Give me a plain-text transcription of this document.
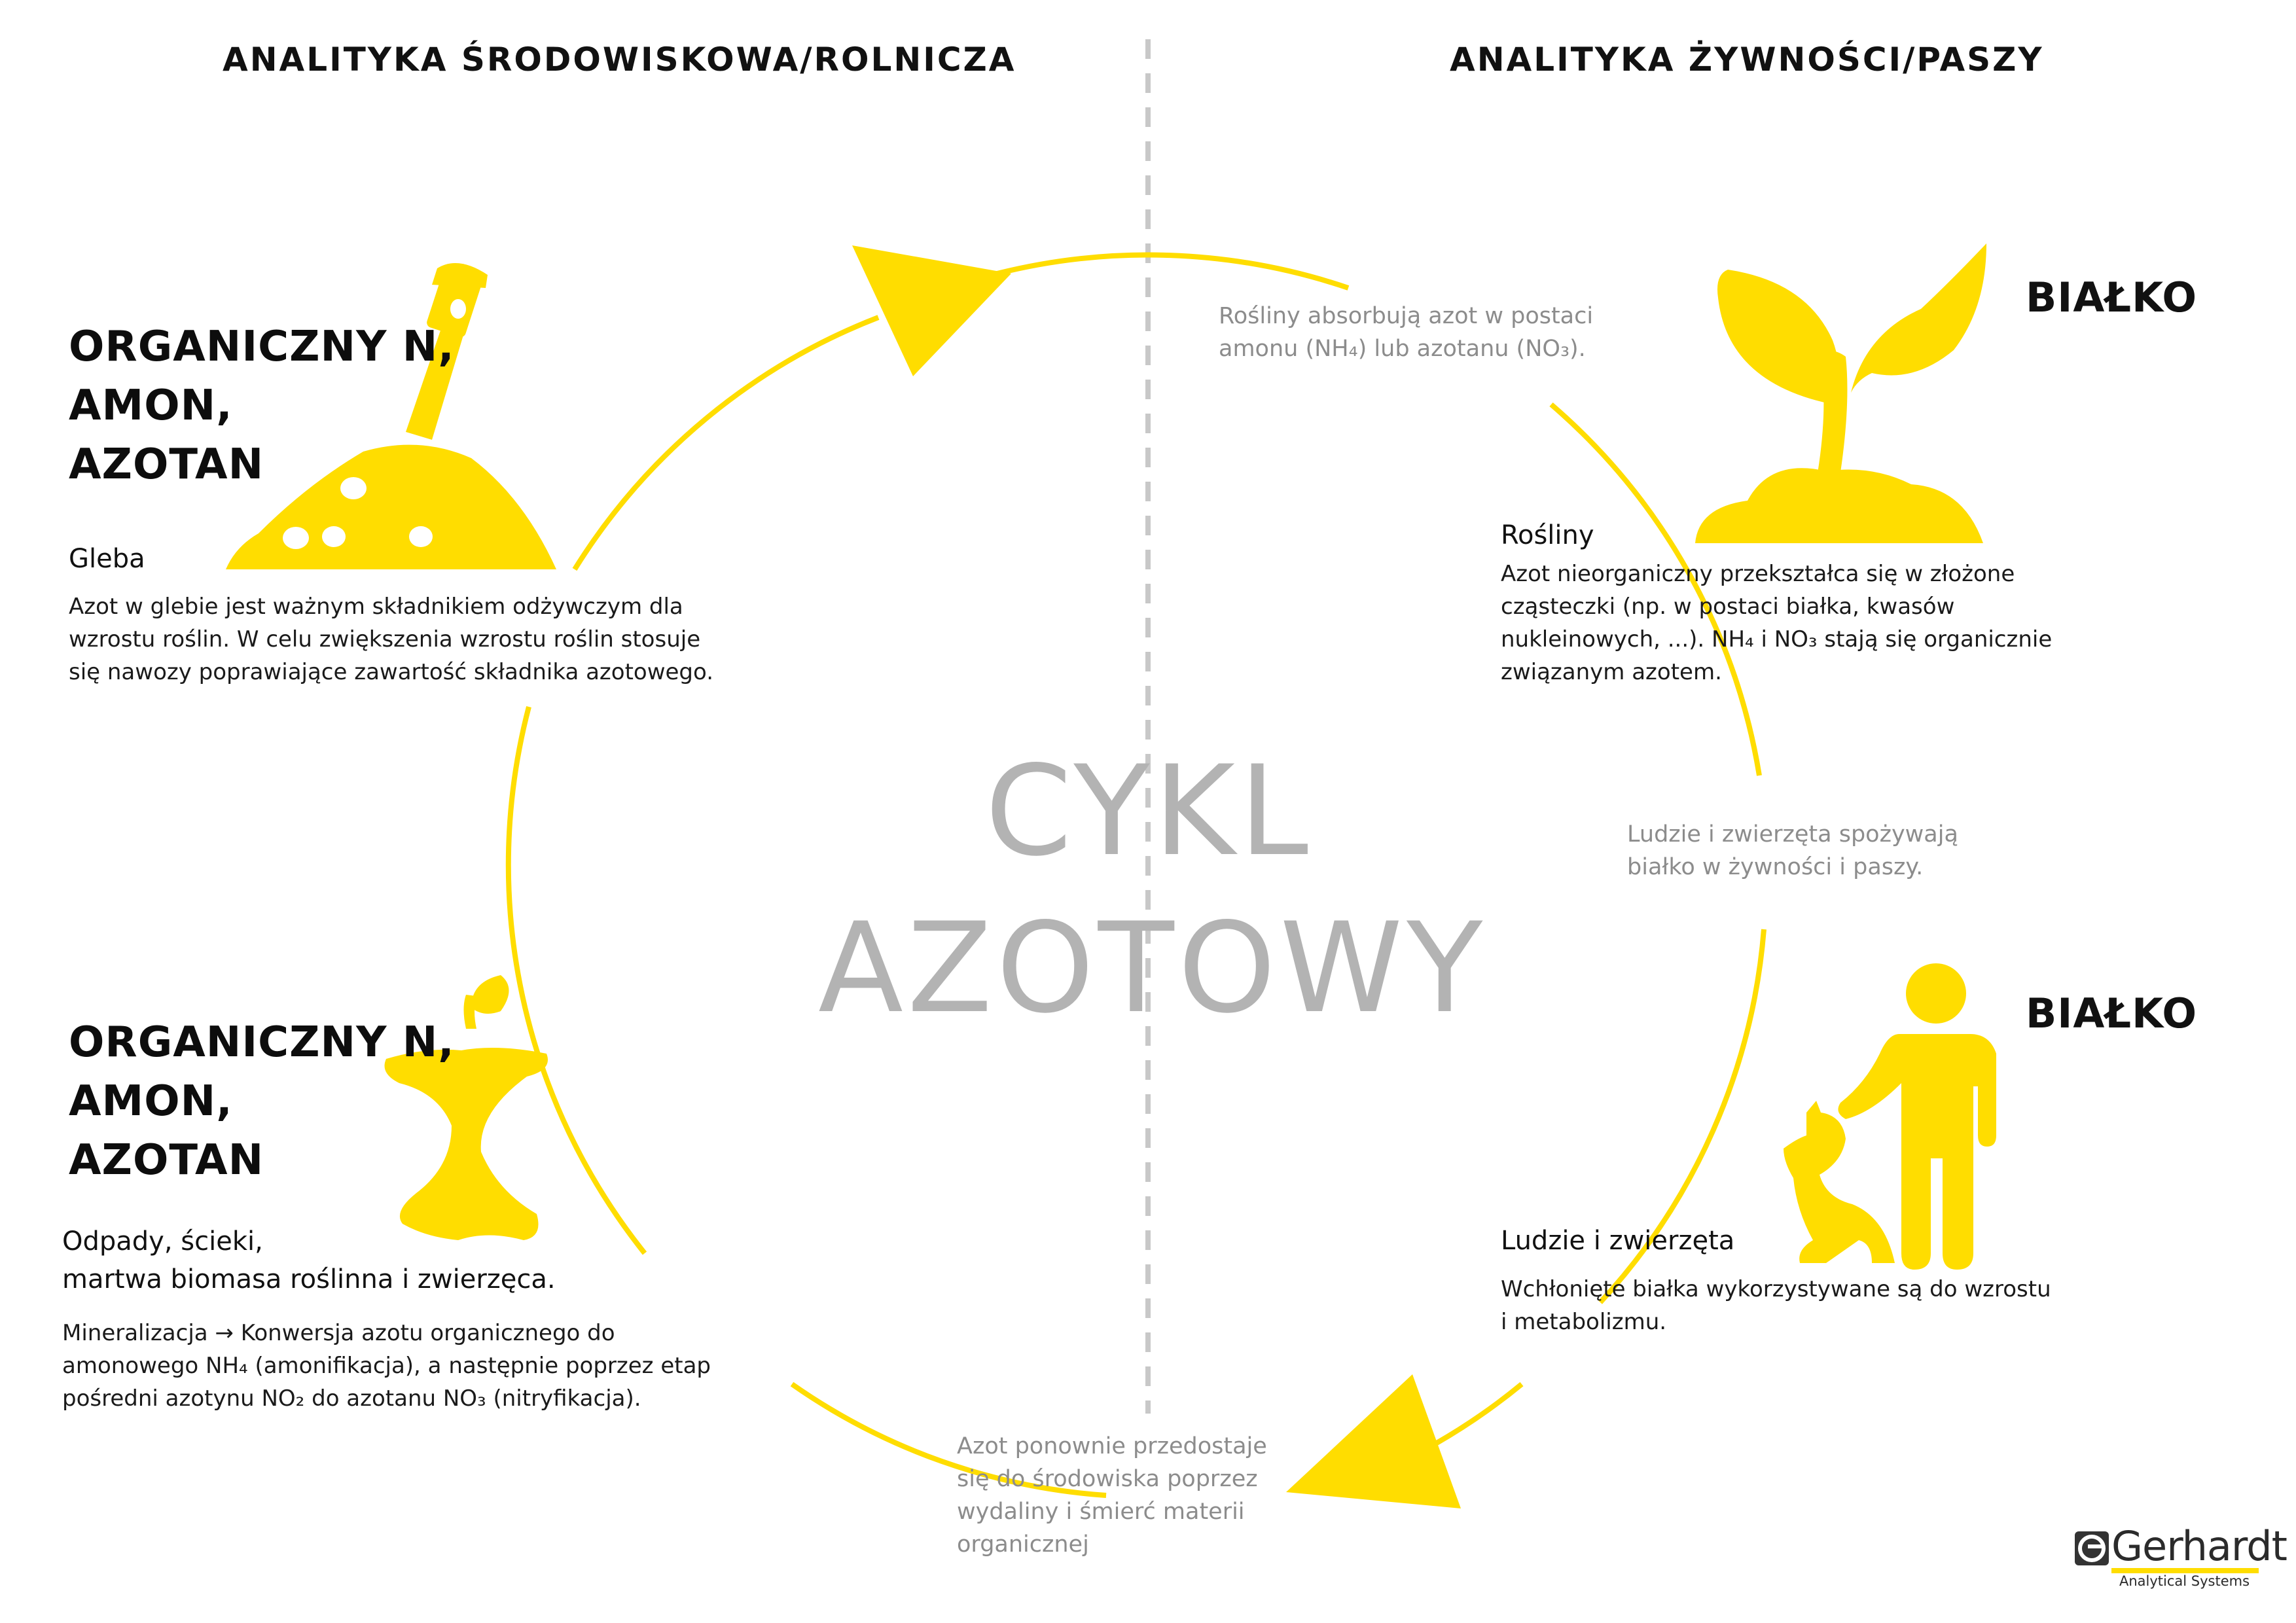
ANALITYKA ŚRODOWISKOWA/ROLNICZA	ANALITYKA ŻYWNOŚCI/PASZY
CYKL
AZOTOWY
ORGANICZNY N,
AMON,
AZOTAN
Gleba
Azot w glebie jest ważnym składnikiem odżywczym dla
wzrostu roślin. W celu zwiększenia wzrostu roślin stosuje
się nawozy poprawiające zawartość składnika azotowego.
ORGANICZNY N,
AMON,
AZOTAN
Odpady, ścieki,
martwa biomasa roślinna i zwierzęca.
Mineralizacja → Konwersja azotu organicznego do
amonowego NH₄ (amonifikacja), a następnie poprzez etap
pośredni azotynu NO₂ do azotanu NO₃ (nitryfikacja).
BIAŁKO
Rośliny
Azot nieorganiczny przekształca się w złożone
cząsteczki (np. w postaci białka, kwasów
nukleinowych, ...). NH₄ i NO₃ stają się organicznie
związanym azotem.
BIAŁKO
Ludzie i zwierzęta
Wchłonięte białka wykorzystywane są do wzrostu
i metabolizmu.
Rośliny absorbują azot w postaci
amonu (NH₄) lub azotanu (NO₃).
Ludzie i zwierzęta spożywają
białko w żywności i paszy.
Azot ponownie przedostaje
się do środowiska poprzez
wydaliny i śmierć materii
organicznej	Gerhardt
Analytical Systems
